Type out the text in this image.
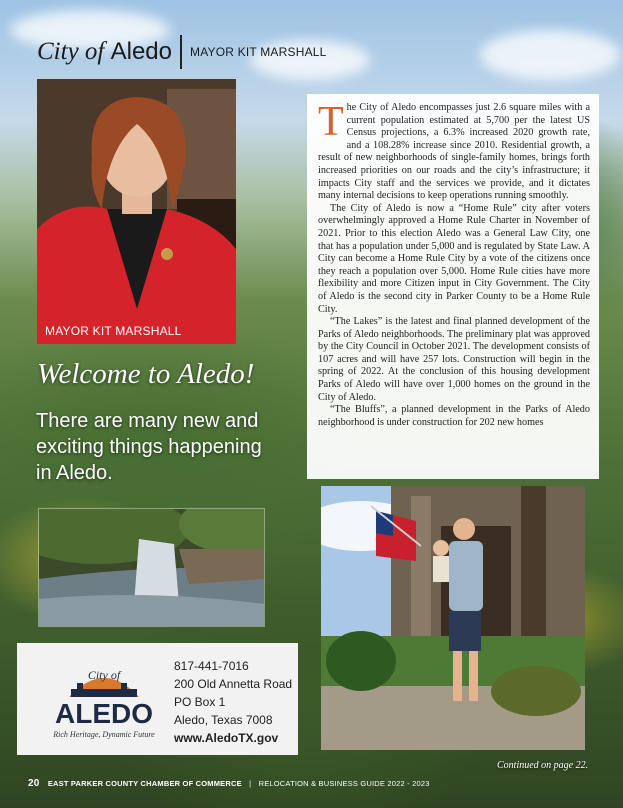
City of Aledo MAYOR KIT MARSHALL
MAYOR KIT MARSHALL
Welcome to Aledo!
There are many new and exciting things happening in Aledo.

The City of Aledo encompasses just 2.6 square miles with a current population estimated at 5,700 per the latest US Census projections, a 6.3% increased 2020 growth rate, and a 108.28% increase since 2010. Residential growth, a result of new neighborhoods of single-family homes, brings forth increased priorities on our roads and the city’s infrastructure; it impacts City staff and the services we provide, and it dictates many internal decisions to keep operations running smoothly.

The City of Aledo is now a “Home Rule” city after voters overwhelmingly approved a Home Rule Charter in November of 2021. Prior to this election Aledo was a General Law City, one that has a population under 5,000 and is regulated by State Law. A City can become a Home Rule City by a vote of the citizens once they reach a population over 5,000. Home Rule cities have more flexibility and more Citizen input in City Government. The City of Aledo is the second city in Parker County to be a Home Rule City.

“The Lakes” is the latest and final planned development of the Parks of Aledo neighborhoods. The preliminary plat was approved by the City Council in October 2021. The development consists of 107 acres and will have 257 lots. Construction will begin in the spring of 2022. At the conclusion of this housing development Parks of Aledo will have over 1,000 homes on the ground in the City of Aledo.

“The Bluffs”, a planned development in the Parks of Aledo neighborhood is under construction for 202 new homes

City of
ALEDO
Rich Heritage, Dynamic Future
817-441-7016
200 Old Annetta Road
PO Box 1
Aledo, Texas 7008
www.AledoTX.gov
Continued on page 22.
20 EAST PARKER COUNTY CHAMBER OF COMMERCE | RELOCATION & BUSINESS GUIDE 2022 - 2023
